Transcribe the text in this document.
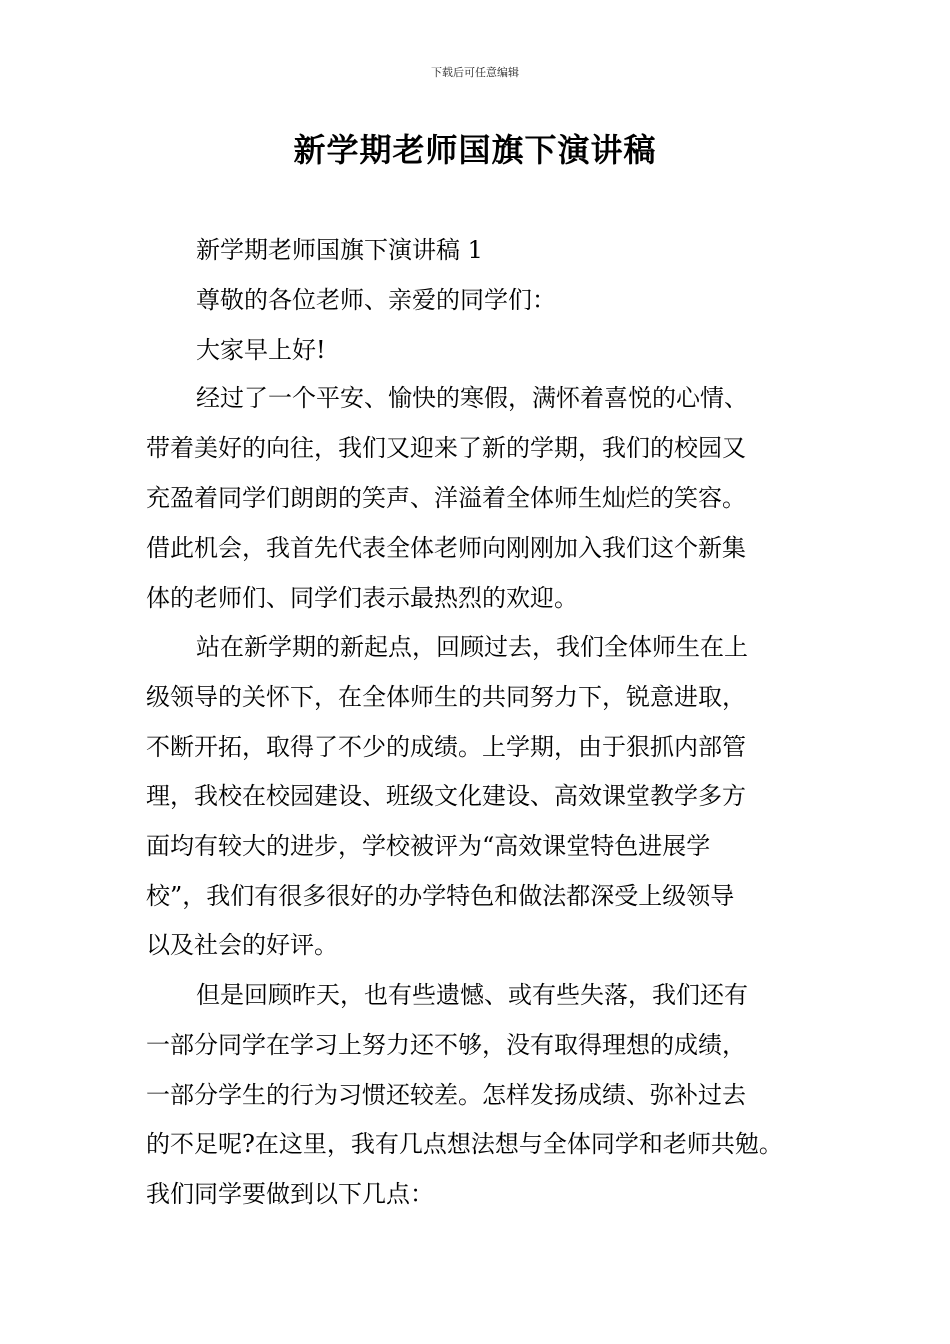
下载后可任意编辑
新学期老师国旗下演讲稿

新学期老师国旗下演讲稿 1

尊敬的各位老师、亲爱的同学们：

大家早上好!

经过了一个平安、愉快的寒假，满怀着喜悦的心情、

带着美好的向往，我们又迎来了新的学期，我们的校园又

充盈着同学们朗朗的笑声、洋溢着全体师生灿烂的笑容。

借此机会，我首先代表全体老师向刚刚加入我们这个新集

体的老师们、同学们表示最热烈的欢迎。

站在新学期的新起点，回顾过去，我们全体师生在上

级领导的关怀下，在全体师生的共同努力下，锐意进取，

不断开拓，取得了不少的成绩。上学期，由于狠抓内部管

理，我校在校园建设、班级文化建设、高效课堂教学多方

面均有较大的进步，学校被评为“高效课堂特色进展学

校”，我们有很多很好的办学特色和做法都深受上级领导

以及社会的好评。

但是回顾昨天，也有些遗憾、或有些失落，我们还有

一部分同学在学习上努力还不够，没有取得理想的成绩，

一部分学生的行为习惯还较差。怎样发扬成绩、弥补过去

的不足呢?在这里，我有几点想法想与全体同学和老师共勉。

我们同学要做到以下几点：
